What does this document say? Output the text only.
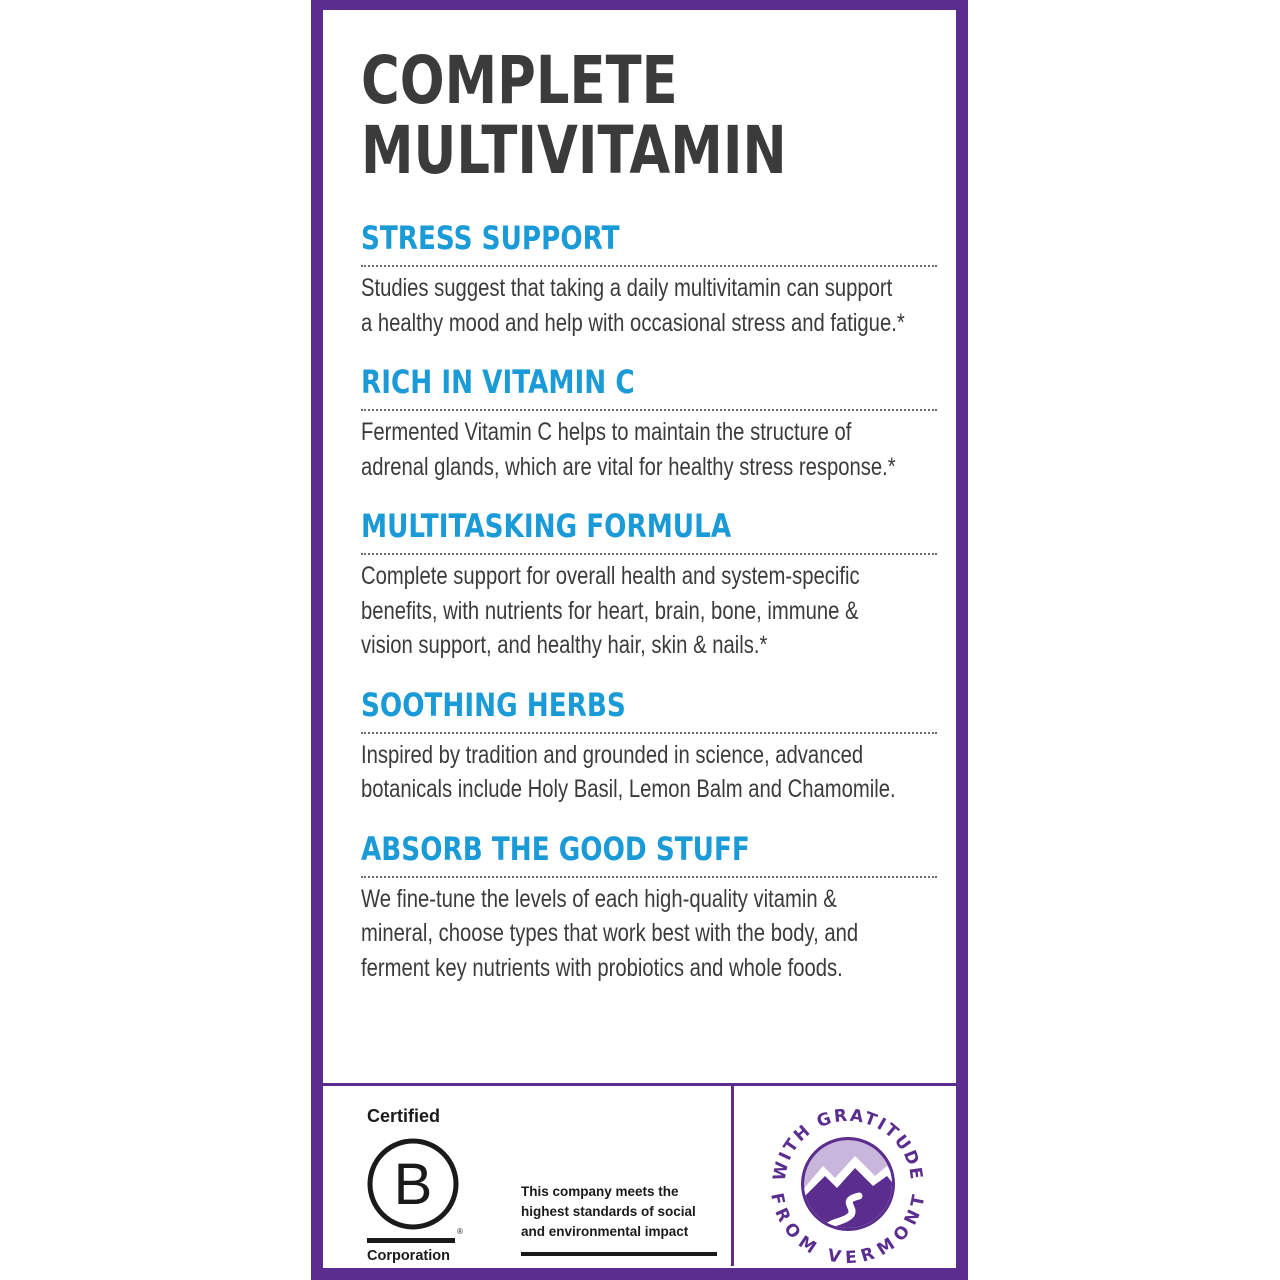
COMPLETE
MULTIVITAMIN
STRESS SUPPORT
Studies suggest that taking a daily multivitamin can support
a healthy mood and help with occasional stress and fatigue.*
RICH IN VITAMIN C
Fermented Vitamin C helps to maintain the structure of
adrenal glands, which are vital for healthy stress response.*
MULTITASKING FORMULA
Complete support for overall health and system-specific
benefits, with nutrients for heart, brain, bone, immune &
vision support, and healthy hair, skin & nails.*
SOOTHING HERBS
Inspired by tradition and grounded in science, advanced
botanicals include Holy Basil, Lemon Balm and Chamomile.
ABSORB THE GOOD STUFF
We fine-tune the levels of each high-quality vitamin &
mineral, choose types that work best with the body, and
ferment key nutrients with probiotics and whole foods.
Certified
B
®
Corporation
This company meets the
highest standards of social
and environmental impact
WITH GRATITUDE
FROM VERMONT
